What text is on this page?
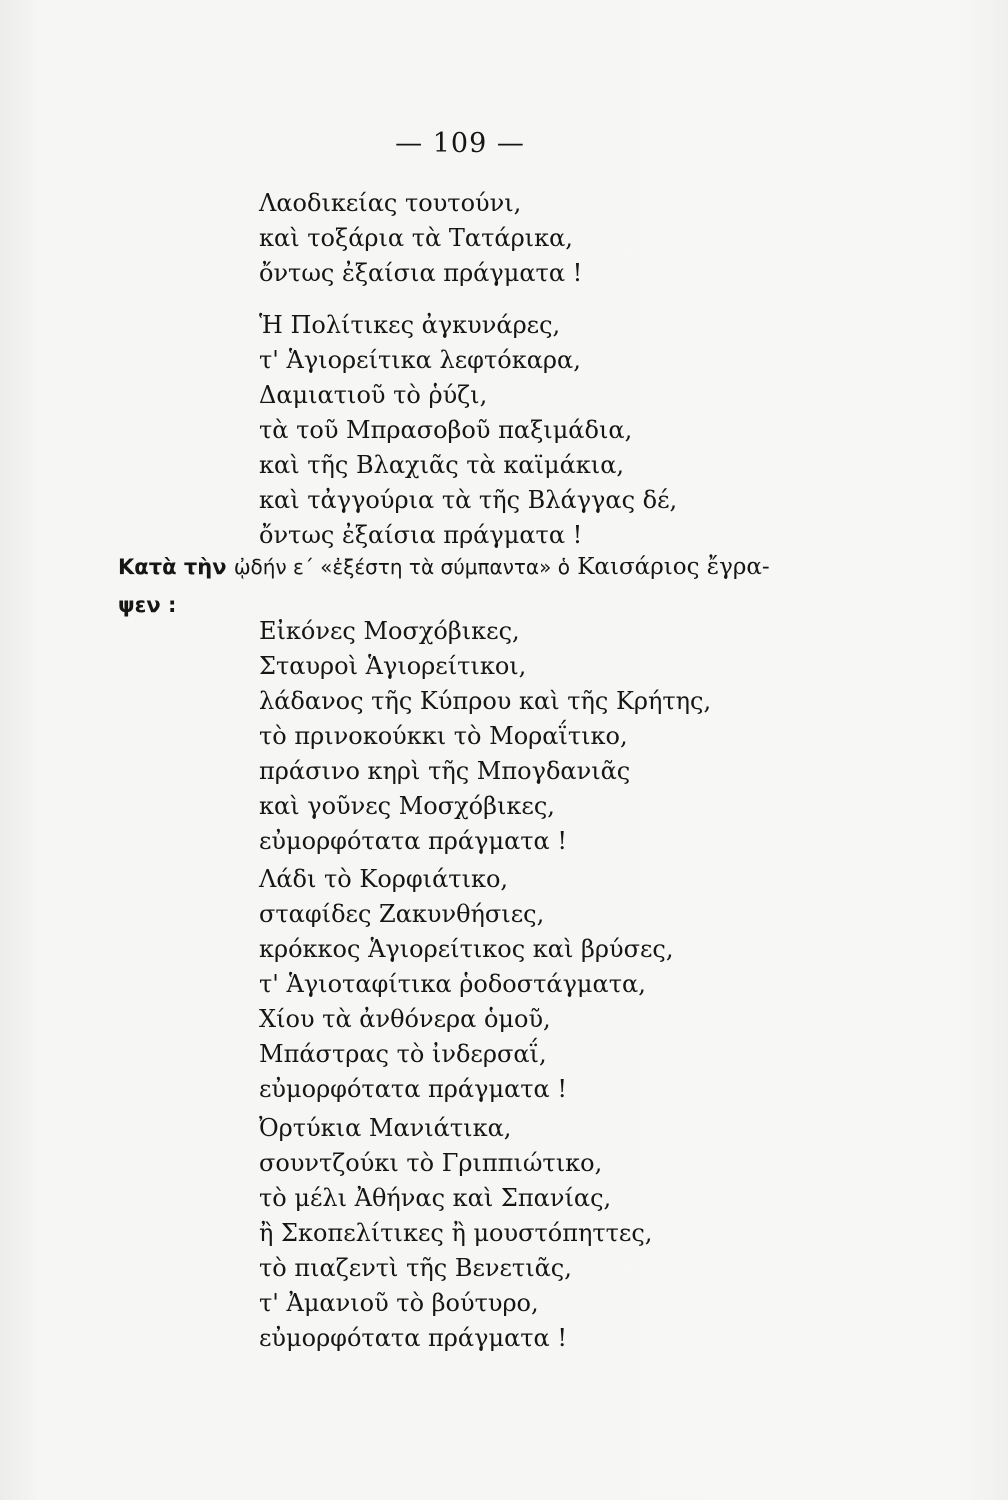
— 109 —
Λαοδικείας τουτούνι,
καὶ τοξάρια τὰ Τατάρικα,
ὄντως ἐξαίσια πράγματα !
Ἡ Πολίτικες ἀγκυνάρες,
τ' Ἁγιορείτικα λεφτόκαρα,
Δαμιατιοῦ τὸ ῥύζι,
τὰ τοῦ Μπρασοβοῦ παξιμάδια,
καὶ τῆς Βλαχιᾶς τὰ καϊμάκια,
καὶ τἀγγούρια τὰ τῆς Βλάγγας δέ,
ὄντως ἐξαίσια πράγματα !
Κατὰ τὴν ᾠδήν ε´ «ἐξέστη τὰ σύμπαντα» ὁ Καισάριος ἔγρα-
ψεν :
Εἰκόνες Μοσχόβικες,
Σταυροὶ Ἁγιορείτικοι,
λάδανος τῆς Κύπρου καὶ τῆς Κρήτης,
τὸ πρινοκούκκι τὸ Μοραΐτικο,
πράσινο κηρὶ τῆς Μπογδανιᾶς
καὶ γοῦνες Μοσχόβικες,
εὐμορφότατα πράγματα !
Λάδι τὸ Κορφιάτικο,
σταφίδες Ζακυνθήσιες,
κρόκκος Ἁγιορείτικος καὶ βρύσες,
τ' Ἁγιοταφίτικα ῥοδοστάγματα,
Χίου τὰ ἀνθόνερα ὁμοῦ,
Μπάστρας τὸ ἰνδερσαΐ,
εὐμορφότατα πράγματα !
Ὀρτύκια Μανιάτικα,
σουντζούκι τὸ Γριππιώτικο,
τὸ μέλι Ἀθήνας καὶ Σπανίας,
ἢ Σκοπελίτικες ἢ μουστόπηττες,
τὸ πιαζεντὶ τῆς Βενετιᾶς,
τ' Ἀμανιοῦ τὸ βούτυρο,
εὐμορφότατα πράγματα !
